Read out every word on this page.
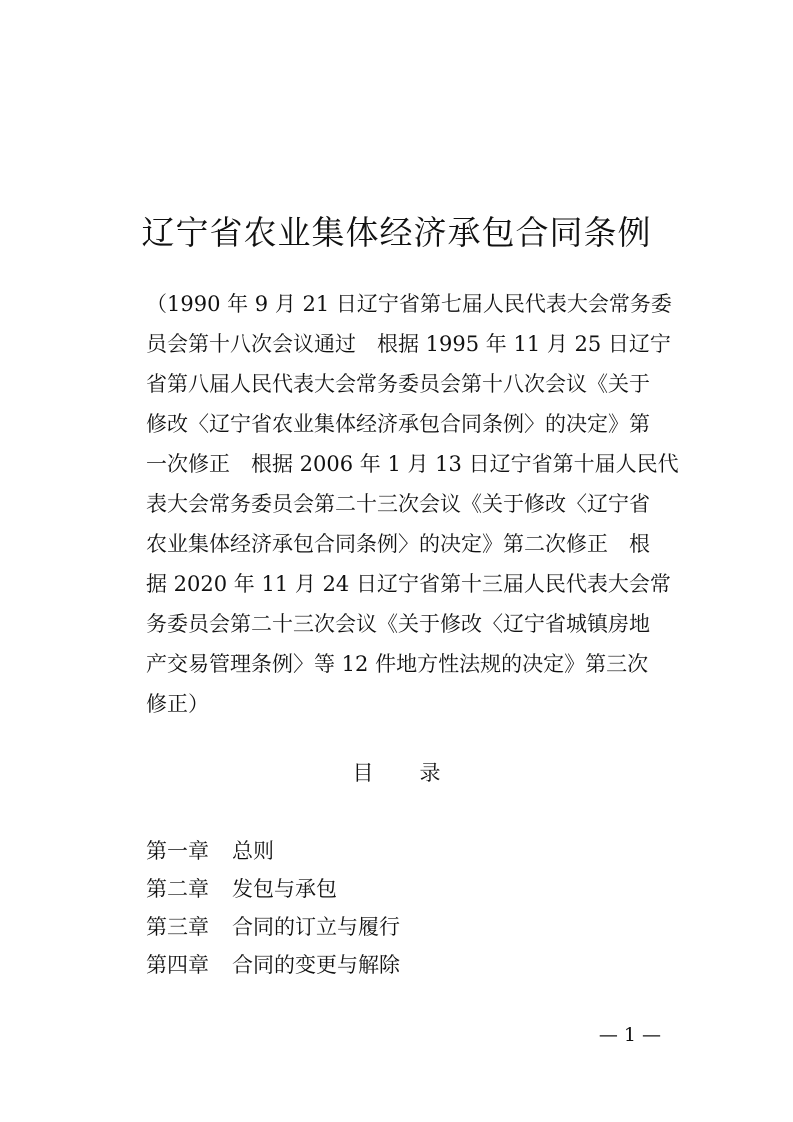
辽宁省农业集体经济承包合同条例
（1990 年 9 月 21 日辽宁省第七届人民代表大会常务委
员会第十八次会议通过　根据 1995 年 11 月 25 日辽宁
省第八届人民代表大会常务委员会第十八次会议《关于
修改〈辽宁省农业集体经济承包合同条例〉的决定》第
一次修正　根据 2006 年 1 月 13 日辽宁省第十届人民代
表大会常务委员会第二十三次会议《关于修改〈辽宁省
农业集体经济承包合同条例〉的决定》第二次修正　根
据 2020 年 11 月 24 日辽宁省第十三届人民代表大会常
务委员会第二十三次会议《关于修改〈辽宁省城镇房地
产交易管理条例〉等 12 件地方性法规的决定》第三次
修正）
目 录
第一章 总则
第二章 发包与承包
第三章 合同的订立与履行
第四章 合同的变更与解除
— 1 —
